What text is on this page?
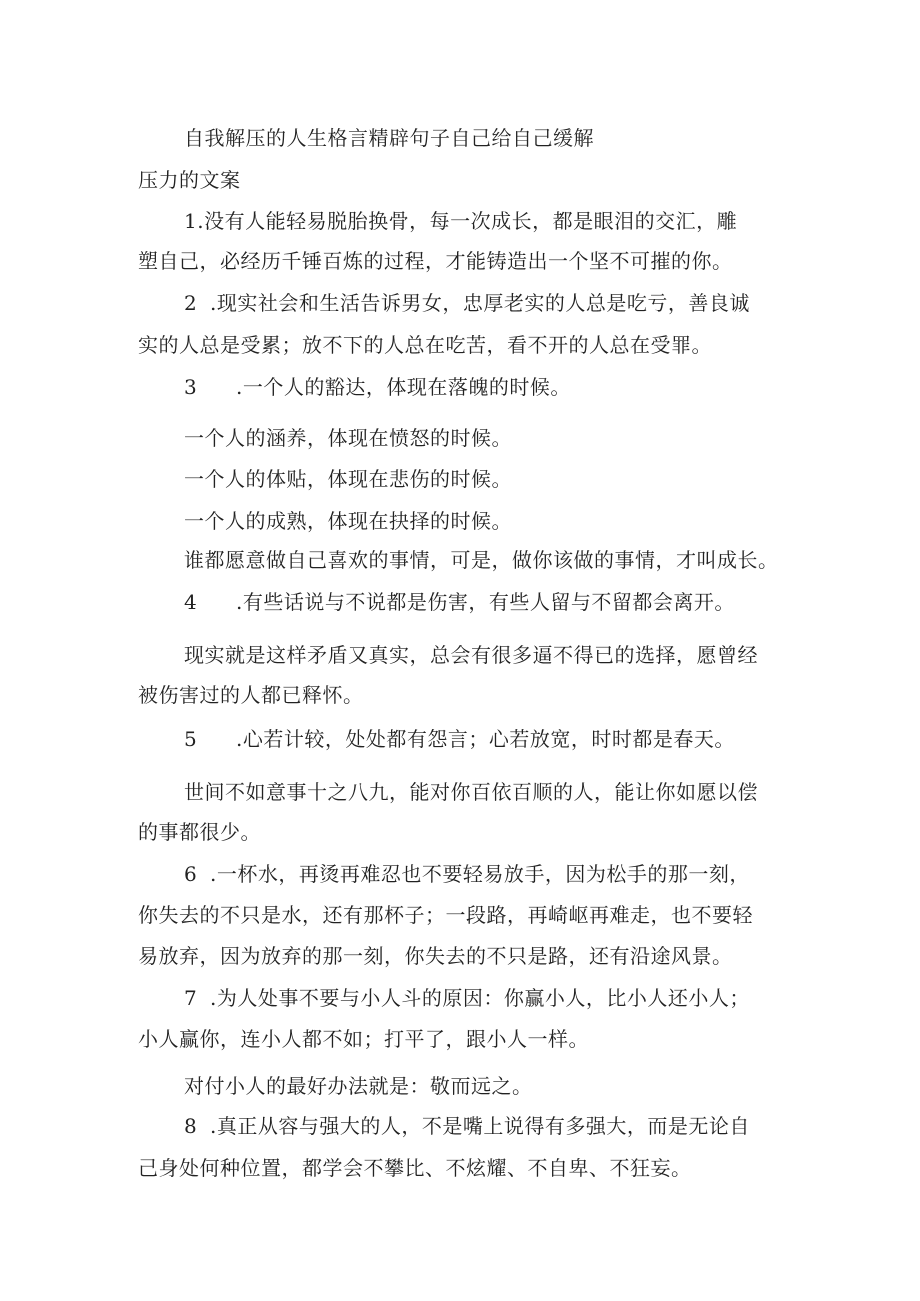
自我解压的人生格言精辟句子自己给自己缓解
压力的文案
1.没有人能轻易脱胎换骨，每一次成长，都是眼泪的交汇，雕
塑自己，必经历千锤百炼的过程，才能铸造出一个坚不可摧的你。
2 .现实社会和生活告诉男女，忠厚老实的人总是吃亏，善良诚
实的人总是受累；放不下的人总在吃苦，看不开的人总在受罪。
3 .一个人的豁达，体现在落魄的时候。
一个人的涵养，体现在愤怒的时候。
一个人的体贴，体现在悲伤的时候。
一个人的成熟，体现在抉择的时候。
谁都愿意做自己喜欢的事情，可是，做你该做的事情，才叫成长。
4 .有些话说与不说都是伤害，有些人留与不留都会离开。
现实就是这样矛盾又真实，总会有很多逼不得已的选择，愿曾经
被伤害过的人都已释怀。
5 .心若计较，处处都有怨言；心若放宽，时时都是春天。
世间不如意事十之八九，能对你百依百顺的人，能让你如愿以偿
的事都很少。
6 .一杯水，再烫再难忍也不要轻易放手，因为松手的那一刻，
你失去的不只是水，还有那杯子；一段路，再崎岖再难走，也不要轻
易放弃，因为放弃的那一刻，你失去的不只是路，还有沿途风景。
7 .为人处事不要与小人斗的原因：你赢小人，比小人还小人；
小人赢你，连小人都不如；打平了，跟小人一样。
对付小人的最好办法就是：敬而远之。
8 .真正从容与强大的人，不是嘴上说得有多强大，而是无论自
己身处何种位置，都学会不攀比、不炫耀、不自卑、不狂妄。
